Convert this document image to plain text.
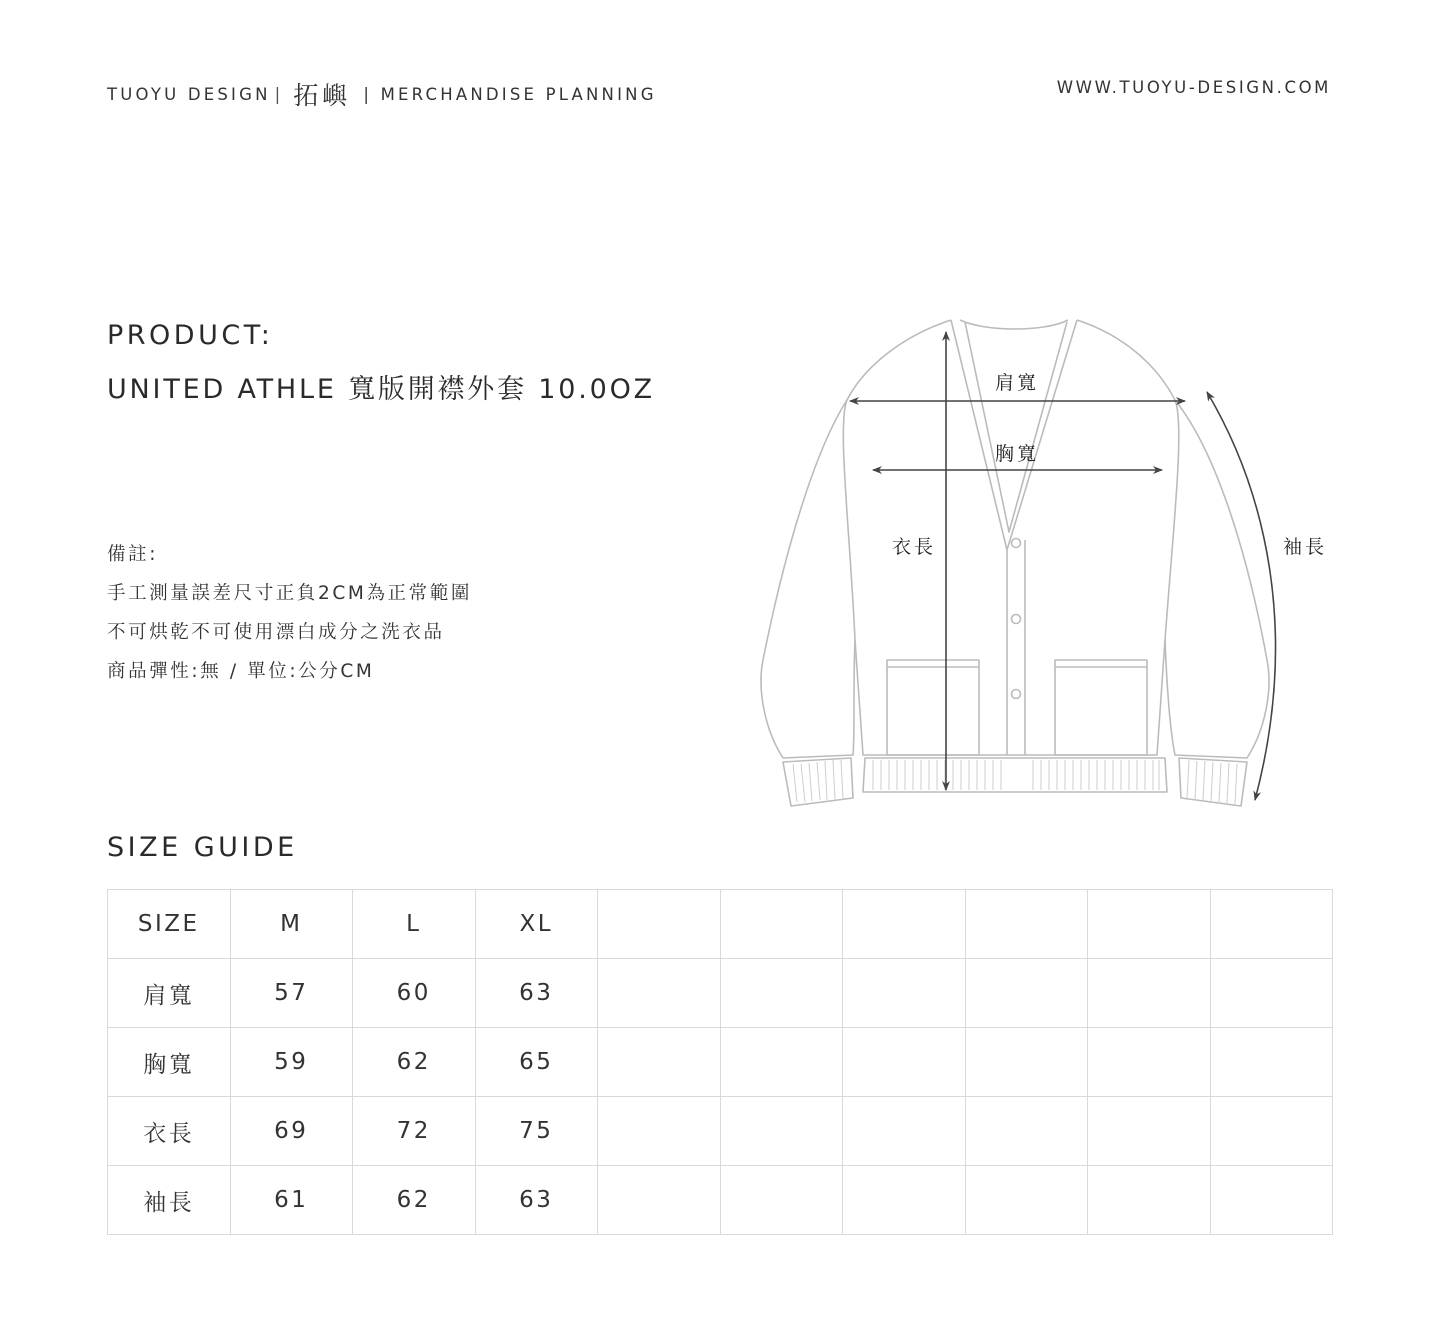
TUOYU DESIGN | 拓嶼 | MERCHANDISE PLANNING	WWW.TUOYU-DESIGN.COM
PRODUCT:
UNITED ATHLE 寬版開襟外套 10.0OZ
備註:
手工測量誤差尺寸正負2CM為正常範圍
不可烘乾不可使用漂白成分之洗衣品
商品彈性:無 / 單位:公分CM
肩寬
胸寬
衣長	袖長
SIZE GUIDE
SIZE	M	L	XL						
肩寬	57	60	63						
胸寬	59	62	65						
衣長	69	72	75						
袖長	61	62	63						
